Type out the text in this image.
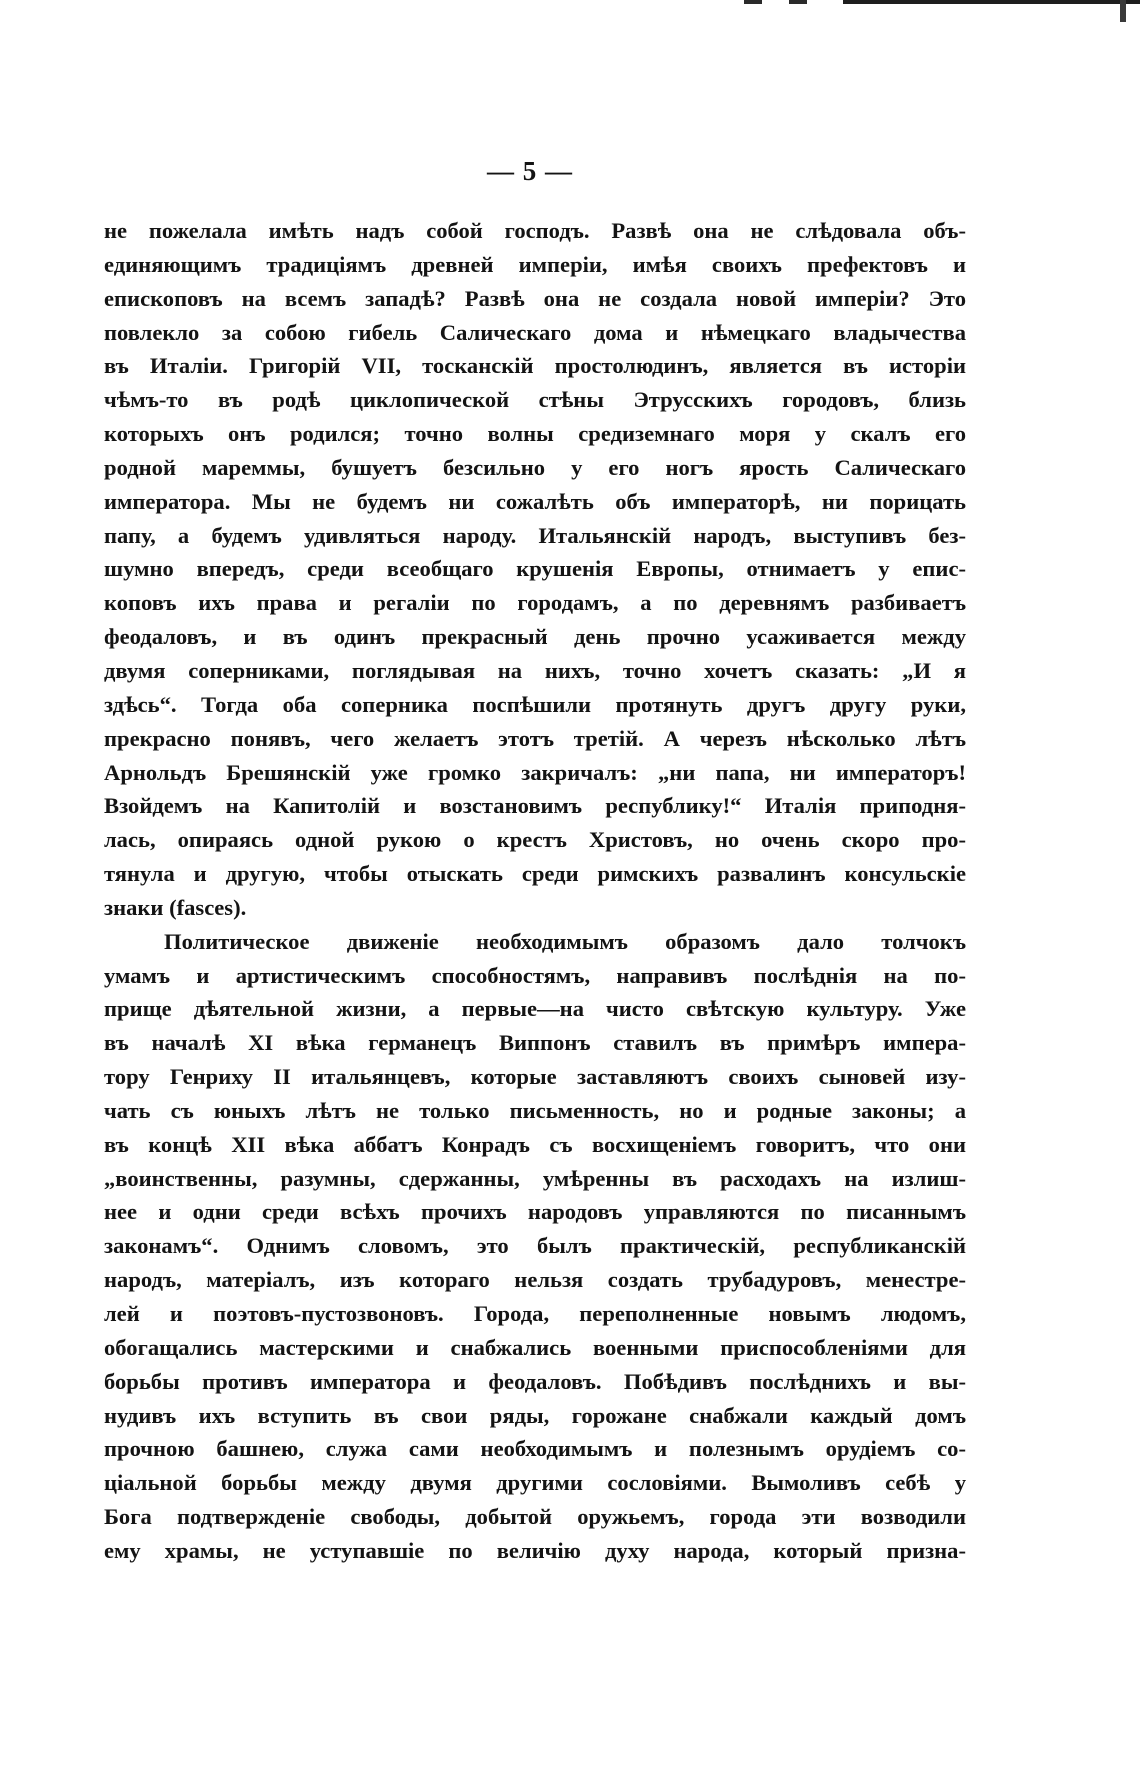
— 5 —
не пожелала имѣть надъ собой господъ. Развѣ она не слѣдовала объ-
единяющимъ традиціямъ древней имперіи, имѣя своихъ префектовъ и
епископовъ на всемъ западѣ? Развѣ она не создала новой имперіи? Это
повлекло за собою гибель Салическаго дома и нѣмецкаго владычества
въ Италіи. Григорій VII, тосканскій простолюдинъ, является въ исторіи
чѣмъ-то въ родѣ циклопической стѣны Этрусскихъ городовъ, близь
которыхъ онъ родился; точно волны средиземнаго моря у скалъ его
родной мареммы, бушуетъ безсильно у его ногъ ярость Салическаго
императора. Мы не будемъ ни сожалѣть объ императорѣ, ни порицать
папу, а будемъ удивляться народу. Итальянскій народъ, выступивъ без-
шумно впередъ, среди всеобщаго крушенія Европы, отнимаетъ у епис-
коповъ ихъ права и регаліи по городамъ, а по деревнямъ разбиваетъ
феодаловъ, и въ одинъ прекрасный день прочно усаживается между
двумя соперниками, поглядывая на нихъ, точно хочетъ сказать: „И я
здѣсь“. Тогда оба соперника поспѣшили протянуть другъ другу руки,
прекрасно понявъ, чего желаетъ этотъ третій. А черезъ нѣсколько лѣтъ
Арнольдъ Брешянскій уже громко закричалъ: „ни папа, ни императоръ!
Взойдемъ на Капитолій и возстановимъ республику!“ Италія приподня-
лась, опираясь одной рукою о крестъ Христовъ, но очень скоро про-
тянула и другую, чтобы отыскать среди римскихъ развалинъ консульскіе
знаки (fasces).
Политическое движеніе необходимымъ образомъ дало толчокъ
умамъ и артистическимъ способностямъ, направивъ послѣднія на по-
прище дѣятельной жизни, а первые—на чисто свѣтскую культуру. Уже
въ началѣ XI вѣка германецъ Виппонъ ставилъ въ примѣръ импера-
тору Генриху II итальянцевъ, которые заставляютъ своихъ сыновей изу-
чать съ юныхъ лѣтъ не только письменность, но и родные законы; а
въ концѣ XII вѣка аббатъ Конрадъ съ восхищеніемъ говоритъ, что они
„воинственны, разумны, сдержанны, умѣренны въ расходахъ на излиш-
нее и одни среди всѣхъ прочихъ народовъ управляются по писаннымъ
законамъ“. Однимъ словомъ, это былъ практическій, республиканскій
народъ, матеріалъ, изъ котораго нельзя создать трубадуровъ, менестре-
лей и поэтовъ-пустозвоновъ. Города, переполненные новымъ людомъ,
обогащались мастерскими и снабжались военными приспособленіями для
борьбы противъ императора и феодаловъ. Побѣдивъ послѣднихъ и вы-
нудивъ ихъ вступить въ свои ряды, горожане снабжали каждый домъ
прочною башнею, служа сами необходимымъ и полезнымъ орудіемъ со-
ціальной борьбы между двумя другими сословіями. Вымоливъ себѣ у
Бога подтвержденіе свободы, добытой оружьемъ, города эти возводили
ему храмы, не уступавшіе по величію духу народа, который призна-
